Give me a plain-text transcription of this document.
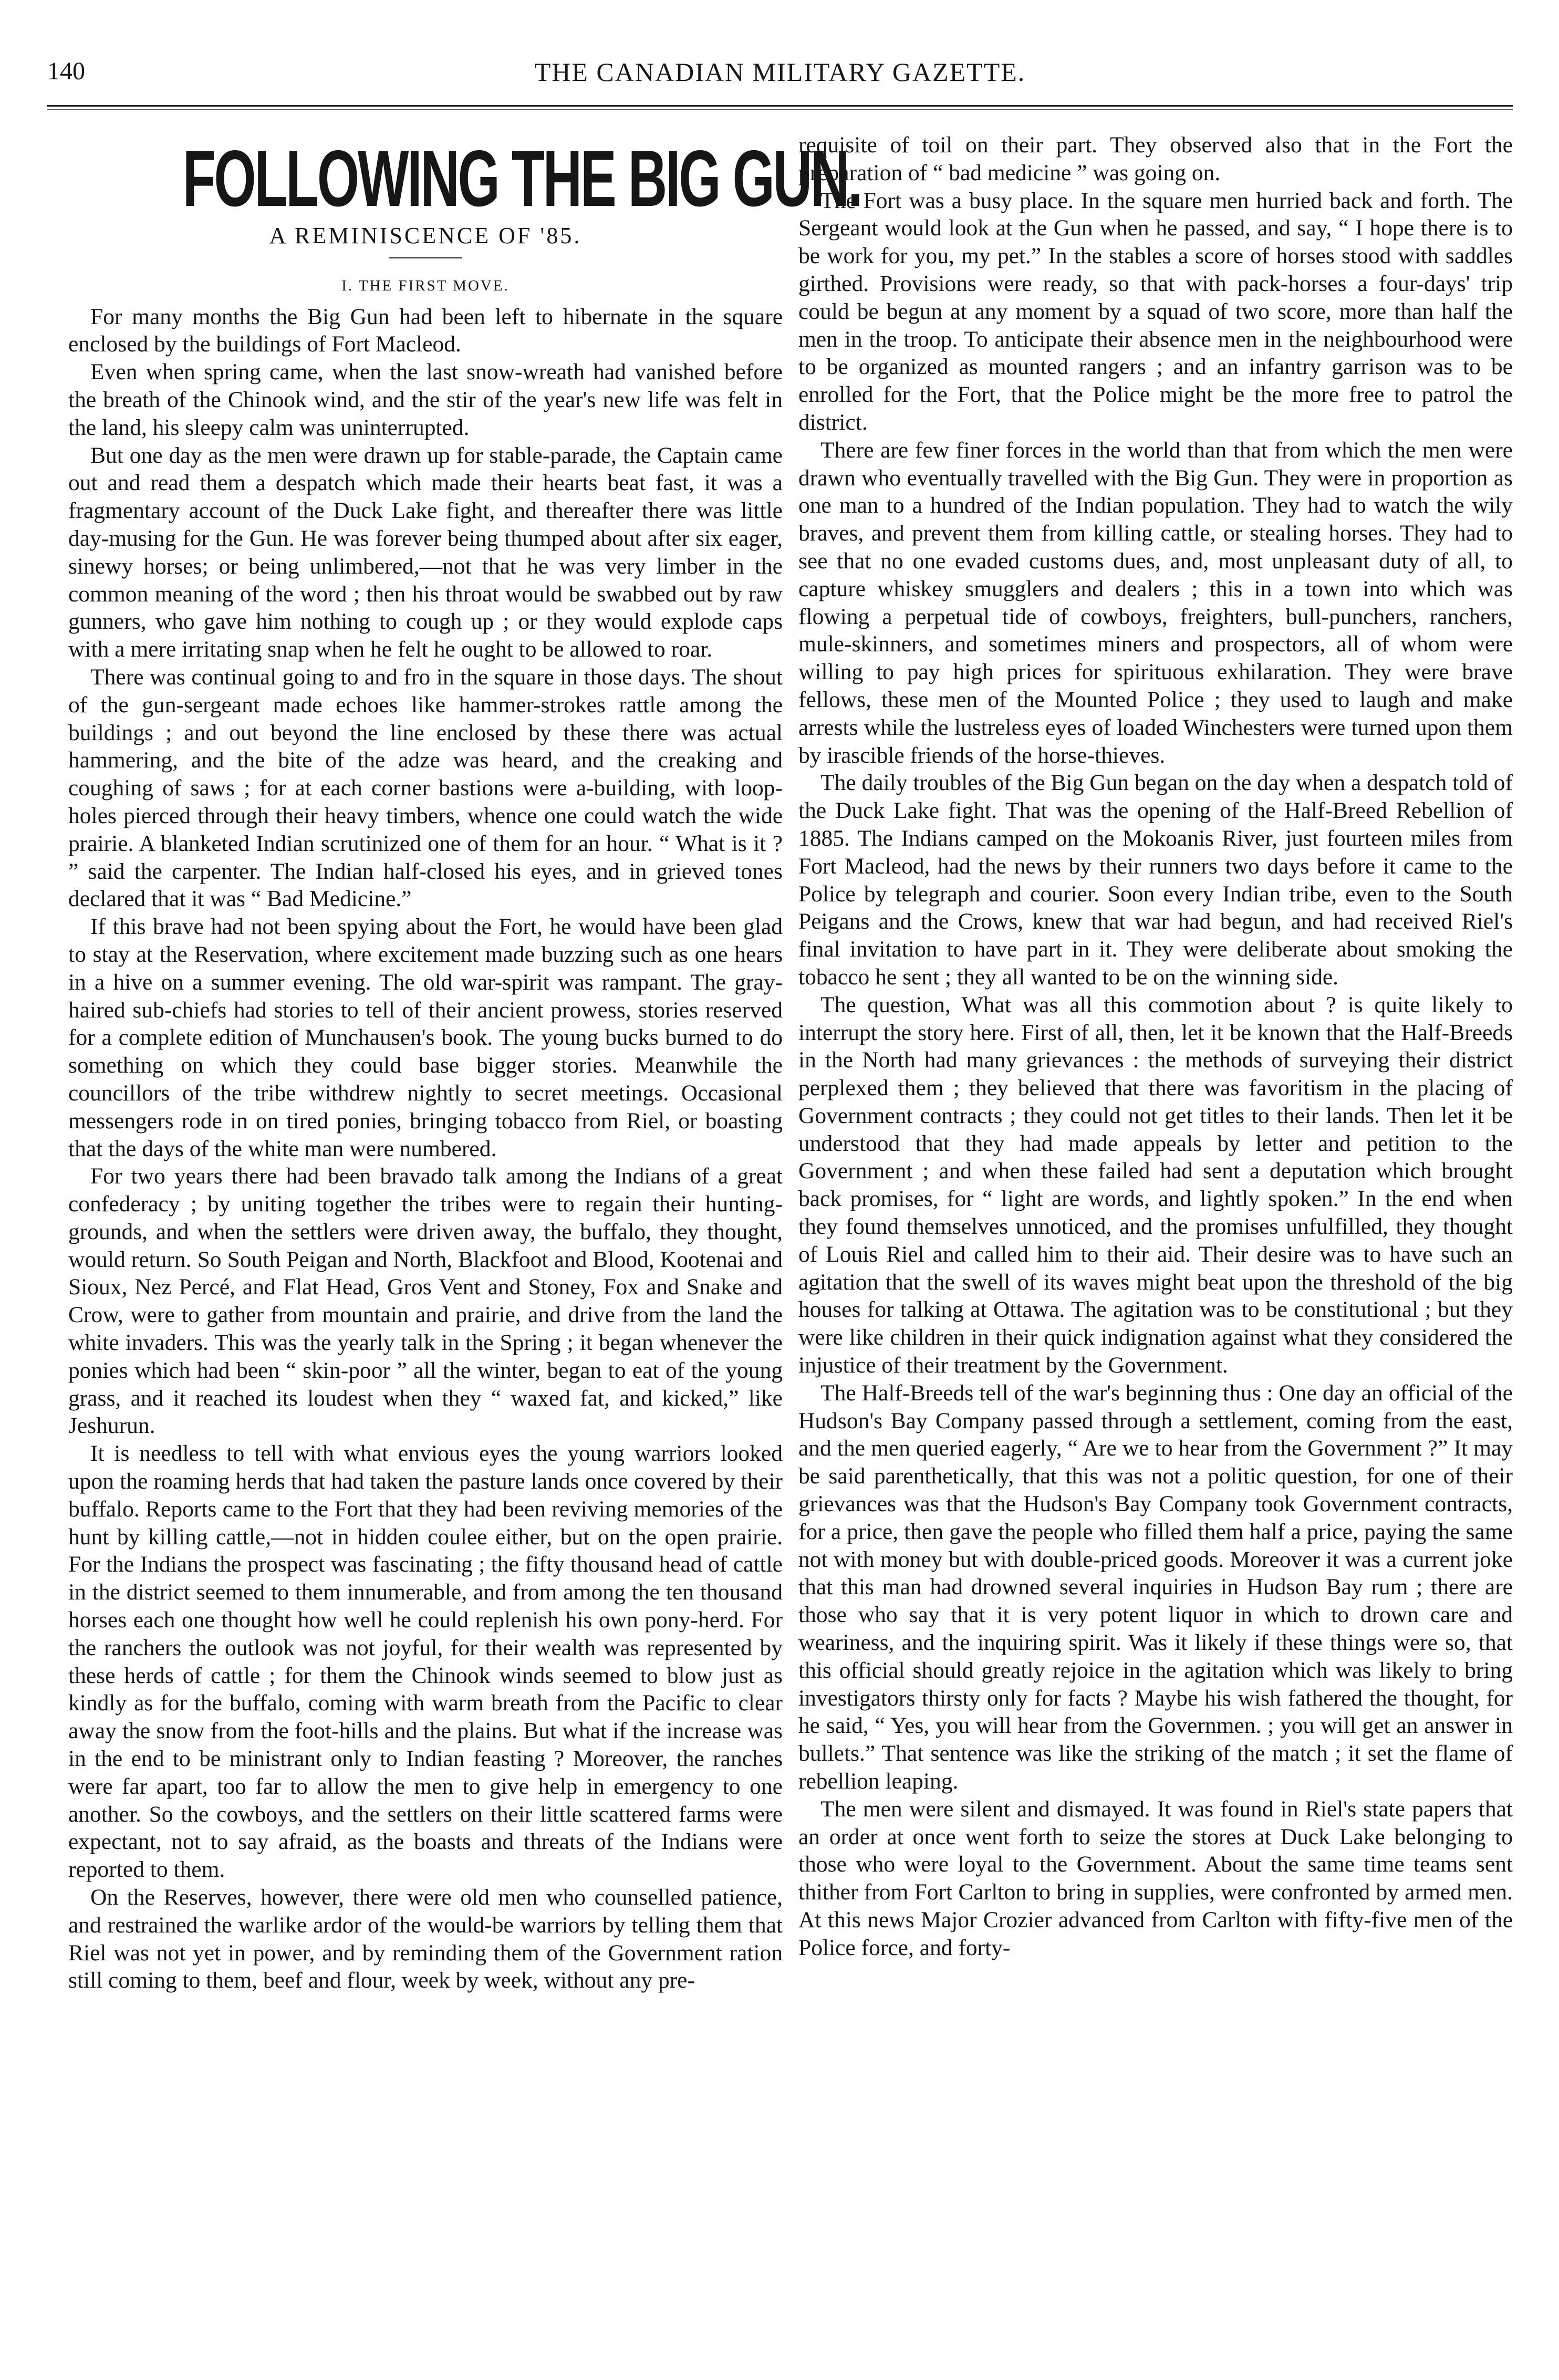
140	THE CANADIAN MILITARY GAZETTE.
FOLLOWING THE BIG GUN.
A REMINISCENCE OF '85.
I. THE FIRST MOVE.

For many months the Big Gun had been left to hibernate in the square enclosed by the buildings of Fort Macleod.

Even when spring came, when the last snow-wreath had vanished before the breath of the Chinook wind, and the stir of the year's new life was felt in the land, his sleepy calm was uninterrupted.

But one day as the men were drawn up for stable-parade, the Captain came out and read them a despatch which made their hearts beat fast, it was a fragmentary account of the Duck Lake fight, and thereafter there was little day-musing for the Gun. He was forever being thumped about after six eager, sinewy horses; or being unlimbered,—not that he was very limber in the common meaning of the word ; then his throat would be swabbed out by raw gunners, who gave him nothing to cough up ; or they would explode caps with a mere irritating snap when he felt he ought to be allowed to roar.

There was continual going to and fro in the square in those days. The shout of the gun-sergeant made echoes like hammer-strokes rattle among the buildings ; and out beyond the line enclosed by these there was actual hammering, and the bite of the adze was heard, and the creaking and coughing of saws ; for at each corner bastions were a-building, with loop-holes pierced through their heavy timbers, whence one could watch the wide prairie. A blanketed Indian scrutinized one of them for an hour. “ What is it ? ” said the carpenter. The Indian half-closed his eyes, and in grieved tones declared that it was “ Bad Medicine.”

If this brave had not been spying about the Fort, he would have been glad to stay at the Reservation, where excitement made buzzing such as one hears in a hive on a summer evening. The old war-spirit was rampant. The gray-haired sub-chiefs had stories to tell of their ancient prowess, stories reserved for a complete edition of Munchausen's book. The young bucks burned to do something on which they could base bigger stories. Meanwhile the councillors of the tribe withdrew nightly to secret meetings. Occasional messengers rode in on tired ponies, bringing tobacco from Riel, or boasting that the days of the white man were numbered.

For two years there had been bravado talk among the Indians of a great confederacy ; by uniting together the tribes were to regain their hunting-grounds, and when the settlers were driven away, the buffalo, they thought, would return. So South Peigan and North, Blackfoot and Blood, Kootenai and Sioux, Nez Percé, and Flat Head, Gros Vent and Stoney, Fox and Snake and Crow, were to gather from mountain and prairie, and drive from the land the white invaders. This was the yearly talk in the Spring ; it began whenever the ponies which had been “ skin-poor ” all the winter, began to eat of the young grass, and it reached its loudest when they “ waxed fat, and kicked,” like Jeshurun.

It is needless to tell with what envious eyes the young warriors looked upon the roaming herds that had taken the pasture lands once covered by their buffalo. Reports came to the Fort that they had been reviving memories of the hunt by killing cattle,—not in hidden coulee either, but on the open prairie. For the Indians the prospect was fascinating ; the fifty thousand head of cattle in the district seemed to them innumerable, and from among the ten thousand horses each one thought how well he could replenish his own pony-herd. For the ranchers the outlook was not joyful, for their wealth was represented by these herds of cattle ; for them the Chinook winds seemed to blow just as kindly as for the buffalo, coming with warm breath from the Pacific to clear away the snow from the foot-hills and the plains. But what if the increase was in the end to be ministrant only to Indian feasting ? Moreover, the ranches were far apart, too far to allow the men to give help in emergency to one another. So the cowboys, and the settlers on their little scattered farms were expectant, not to say afraid, as the boasts and threats of the Indians were reported to them.

On the Reserves, however, there were old men who counselled patience, and restrained the warlike ardor of the would-be warriors by telling them that Riel was not yet in power, and by reminding them of the Government ration still coming to them, beef and flour, week by week, without any pre-

requisite of toil on their part. They observed also that in the Fort the preparation of “ bad medicine ” was going on.

The Fort was a busy place. In the square men hurried back and forth. The Sergeant would look at the Gun when he passed, and say, “ I hope there is to be work for you, my pet.” In the stables a score of horses stood with saddles girthed. Provisions were ready, so that with pack-horses a four-days' trip could be begun at any moment by a squad of two score, more than half the men in the troop. To anticipate their absence men in the neighbourhood were to be organized as mounted rangers ; and an infantry garrison was to be enrolled for the Fort, that the Police might be the more free to patrol the district.

There are few finer forces in the world than that from which the men were drawn who eventually travelled with the Big Gun. They were in proportion as one man to a hundred of the Indian population. They had to watch the wily braves, and prevent them from killing cattle, or stealing horses. They had to see that no one evaded customs dues, and, most unpleasant duty of all, to capture whiskey smugglers and dealers ; this in a town into which was flowing a perpetual tide of cowboys, freighters, bull-punchers, ranchers, mule-skinners, and sometimes miners and prospectors, all of whom were willing to pay high prices for spirituous exhilaration. They were brave fellows, these men of the Mounted Police ; they used to laugh and make arrests while the lustreless eyes of loaded Winchesters were turned upon them by irascible friends of the horse-thieves.

The daily troubles of the Big Gun began on the day when a despatch told of the Duck Lake fight. That was the opening of the Half-Breed Rebellion of 1885. The Indians camped on the Mokoanis River, just fourteen miles from Fort Macleod, had the news by their runners two days before it came to the Police by telegraph and courier. Soon every Indian tribe, even to the South Peigans and the Crows, knew that war had begun, and had received Riel's final invitation to have part in it. They were deliberate about smoking the tobacco he sent ; they all wanted to be on the winning side.

The question, What was all this commotion about ? is quite likely to interrupt the story here. First of all, then, let it be known that the Half-Breeds in the North had many grievances : the methods of surveying their district perplexed them ; they believed that there was favoritism in the placing of Government contracts ; they could not get titles to their lands. Then let it be understood that they had made appeals by letter and petition to the Government ; and when these failed had sent a deputation which brought back promises, for “ light are words, and lightly spoken.” In the end when they found themselves unnoticed, and the promises unfulfilled, they thought of Louis Riel and called him to their aid. Their desire was to have such an agitation that the swell of its waves might beat upon the threshold of the big houses for talking at Ottawa. The agitation was to be constitutional ; but they were like children in their quick indignation against what they considered the injustice of their treatment by the Government.

The Half-Breeds tell of the war's beginning thus : One day an official of the Hudson's Bay Company passed through a settlement, coming from the east, and the men queried eagerly, “ Are we to hear from the Government ?” It may be said parenthetically, that this was not a politic question, for one of their grievances was that the Hudson's Bay Company took Government contracts, for a price, then gave the people who filled them half a price, paying the same not with money but with double-priced goods. Moreover it was a current joke that this man had drowned several inquiries in Hudson Bay rum ; there are those who say that it is very potent liquor in which to drown care and weariness, and the inquiring spirit. Was it likely if these things were so, that this official should greatly rejoice in the agitation which was likely to bring investigators thirsty only for facts ? Maybe his wish fathered the thought, for he said, “ Yes, you will hear from the Governmen. ; you will get an answer in bullets.” That sentence was like the striking of the match ; it set the flame of rebellion leaping.

The men were silent and dismayed. It was found in Riel's state papers that an order at once went forth to seize the stores at Duck Lake belonging to those who were loyal to the Government. About the same time teams sent thither from Fort Carlton to bring in supplies, were confronted by armed men. At this news Major Crozier advanced from Carlton with fifty-five men of the Police force, and forty-
